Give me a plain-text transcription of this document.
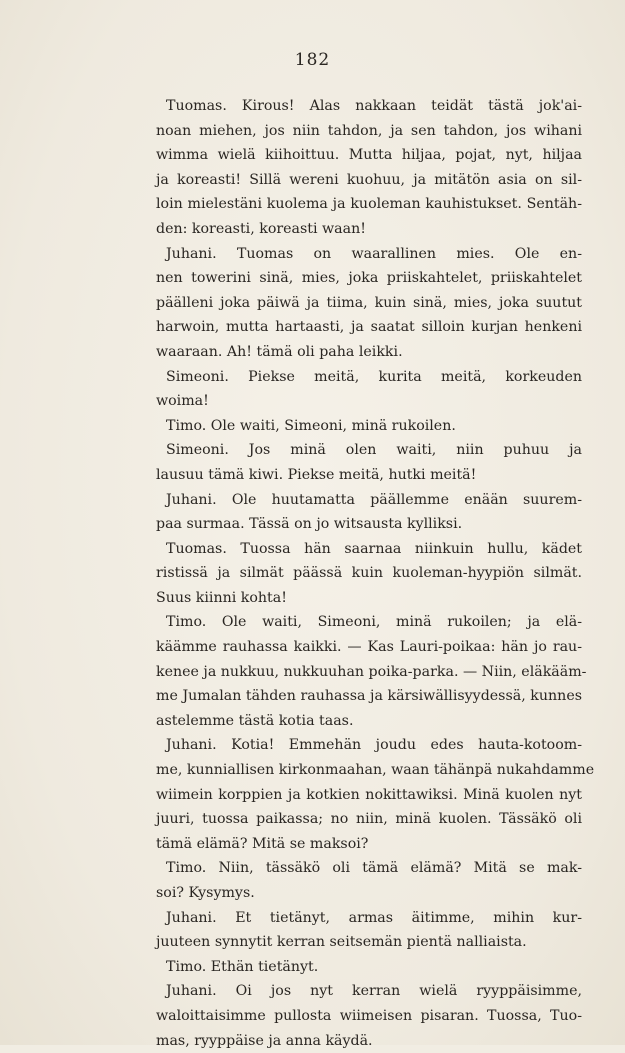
182
Tuomas. Kirous! Alas nakkaan teidät tästä jok'ai-
noan miehen, jos niin tahdon, ja sen tahdon, jos wihani
wimma wielä kiihoittuu. Mutta hiljaa, pojat, nyt, hiljaa
ja koreasti! Sillä wereni kuohuu, ja mitätön asia on sil-
loin mielestäni kuolema ja kuoleman kauhistukset. Sentäh-
den: koreasti, koreasti waan!
Juhani. Tuomas on waarallinen mies. Ole en-
nen towerini sinä, mies, joka priiskahtelet, priiskahtelet
päälleni joka päiwä ja tiima, kuin sinä, mies, joka suutut
harwoin, mutta hartaasti, ja saatat silloin kurjan henkeni
waaraan. Ah! tämä oli paha leikki.
Simeoni. Piekse meitä, kurita meitä, korkeuden
woima!
Timo. Ole waiti, Simeoni, minä rukoilen.
Simeoni. Jos minä olen waiti, niin puhuu ja
lausuu tämä kiwi. Piekse meitä, hutki meitä!
Juhani. Ole huutamatta päällemme enään suurem-
paa surmaa. Tässä on jo witsausta kylliksi.
Tuomas. Tuossa hän saarnaa niinkuin hullu, kädet
ristissä ja silmät päässä kuin kuoleman-hyypiön silmät.
Suus kiinni kohta!
Timo. Ole waiti, Simeoni, minä rukoilen; ja elä-
käämme rauhassa kaikki. — Kas Lauri-poikaa: hän jo rau-
kenee ja nukkuu, nukkuuhan poika-parka. — Niin, eläkääm-
me Jumalan tähden rauhassa ja kärsiwällisyydessä, kunnes
astelemme tästä kotia taas.
Juhani. Kotia! Emmehän joudu edes hauta-kotoom-
me, kunniallisen kirkonmaahan, waan tähänpä nukahdamme
wiimein korppien ja kotkien nokittawiksi. Minä kuolen nyt
juuri, tuossa paikassa; no niin, minä kuolen. Tässäkö oli
tämä elämä? Mitä se maksoi?
Timo. Niin, tässäkö oli tämä elämä? Mitä se mak-
soi? Kysymys.
Juhani. Et tietänyt, armas äitimme, mihin kur-
juuteen synnytit kerran seitsemän pientä nalliaista.
Timo. Ethän tietänyt.
Juhani. Oi jos nyt kerran wielä ryyppäisimme,
waloittaisimme pullosta wiimeisen pisaran. Tuossa, Tuo-
mas, ryyppäise ja anna käydä.
